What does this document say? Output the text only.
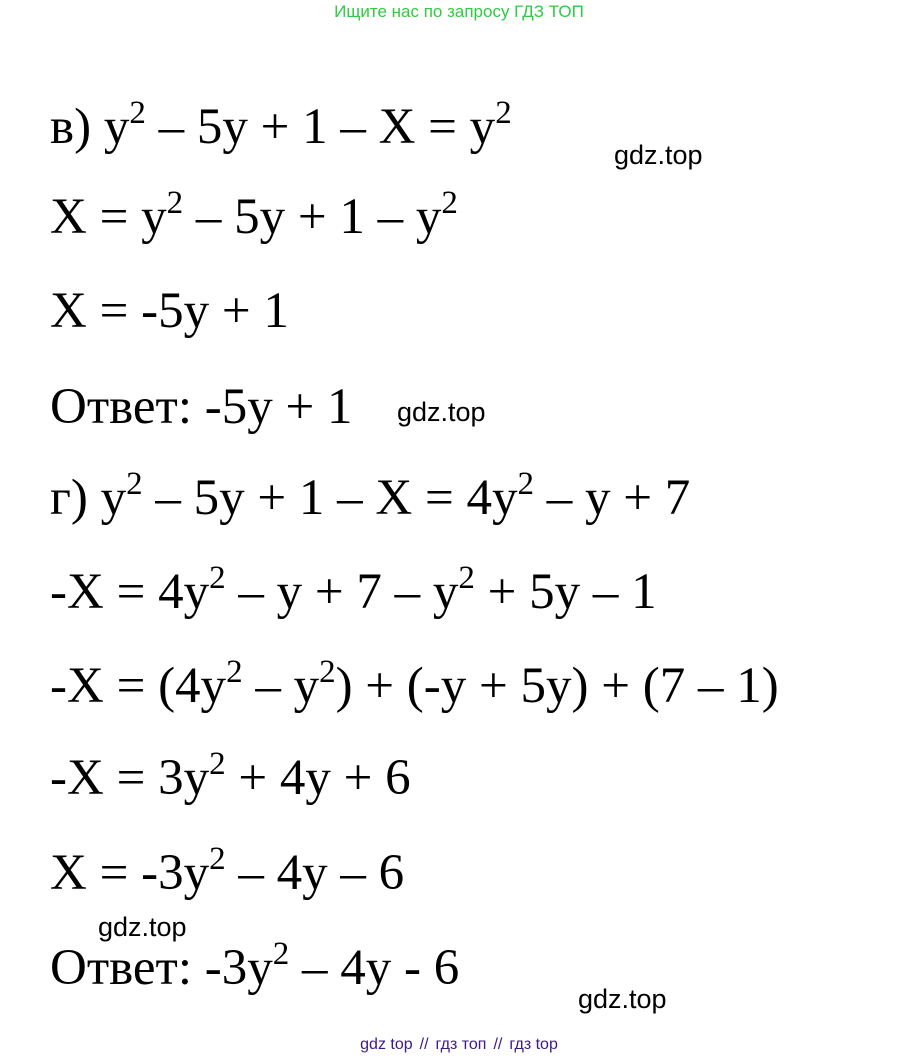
Ищите нас по запросу ГДЗ ТОП
в) $y^2 - 5y + 1 - X = y^2$
gdz.top
$X = y^2 - 5y + 1 - y^2$
X = -5y + 1
Ответ: -5y + 1 gdz.top
г) $y^2 - 5y + 1 - X = 4y^2 - y + 7$
$-X = 4y^2 - y + 7 - y^2 + 5y - 1$
$-X = (4y^2 - y^2) + (-y + 5y) + (7 - 1)$
$-X = 3y^2 + 4y + 6$
$X = -3y^2 - 4y - 6$
gdz.top
Ответ: $-3y^2 - 4y - 6$
gdz.top
gdz top // гдз топ // гдз top
